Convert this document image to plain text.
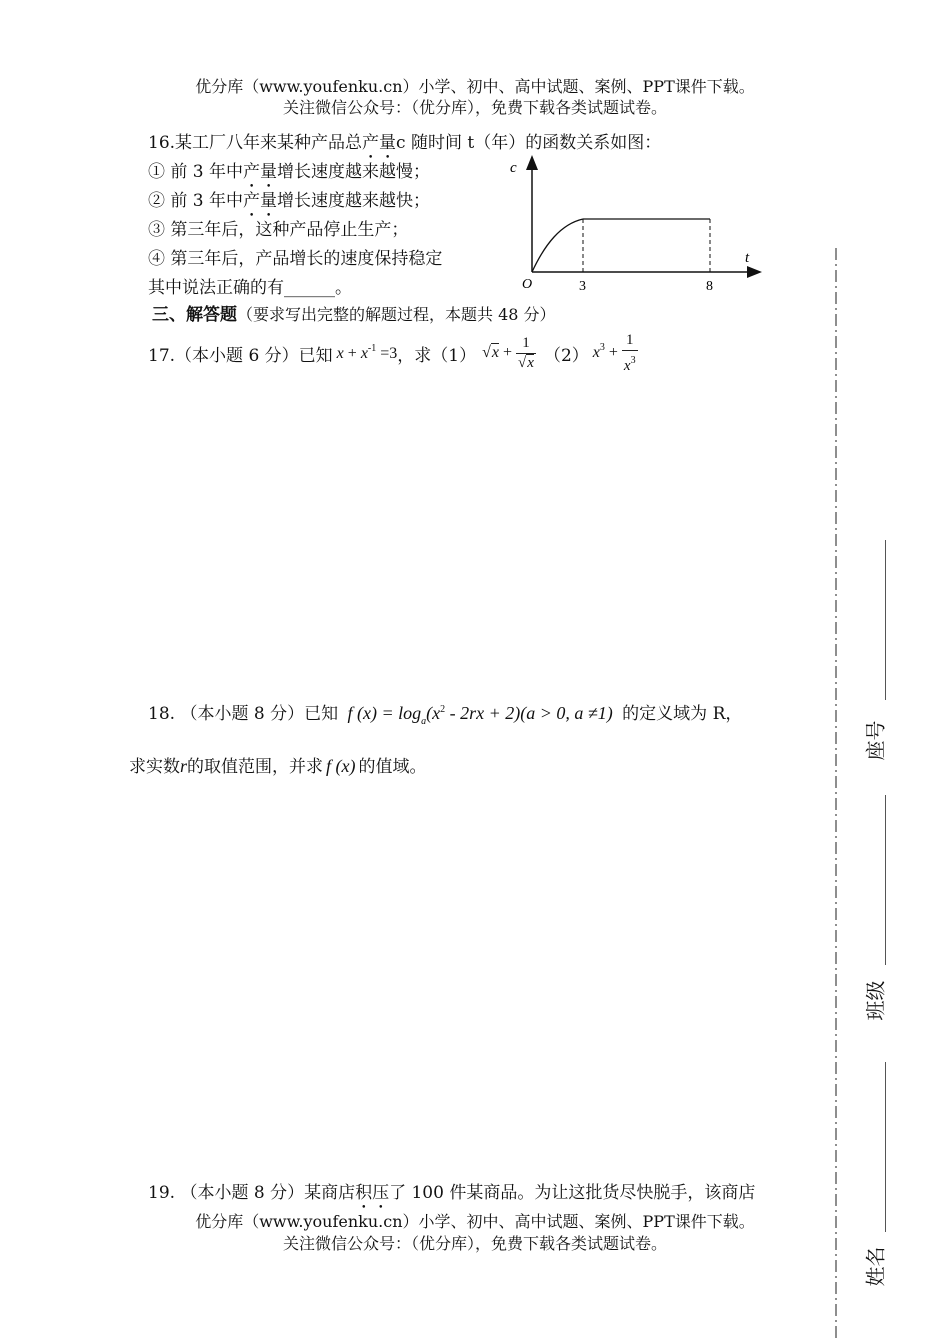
优分库（www.youfenku.cn）小学、初中、高中试题、案例、PPT课件下载。
关注微信公众号：（优分库），免费下载各类试题试卷。
16.某工厂八年来某种产品总产量c 随时间 t（年）的函数关系如图：
① 前 3 年中产量增长速度越来越慢；
② 前 3 年中产量增长速度越来越快；
③ 第三年后，这种产品停止生产；
④ 第三年后，产品增长的速度保持稳定
其中说法正确的有______。
c
t
O	3	8
三、解答题（要求写出完整的解题过程，本题共 48 分）
17.（本小题 6 分）已知 $x + x^{-1} =3$ ，求（1） $√x + \frac{1}{√x} (2) x^3 + \frac{1}{x^3}$
18. （本小题 8 分）已知 f $(x) = \log_a(x^2 - 2rx + 2)(a > 0$, a ≠1) 的定义域为 R，
求实数r的取值范围，并求 f (x) 的值域。
19. （本小题 8 分）某商店积压了 100 件某商品。为让这批货尽快脱手，该商店
优分库（www.youfenku.cn）小学、初中、高中试题、案例、PPT课件下载。
关注微信公众号：（优分库），免费下载各类试题试卷。
座号
班级
姓名
